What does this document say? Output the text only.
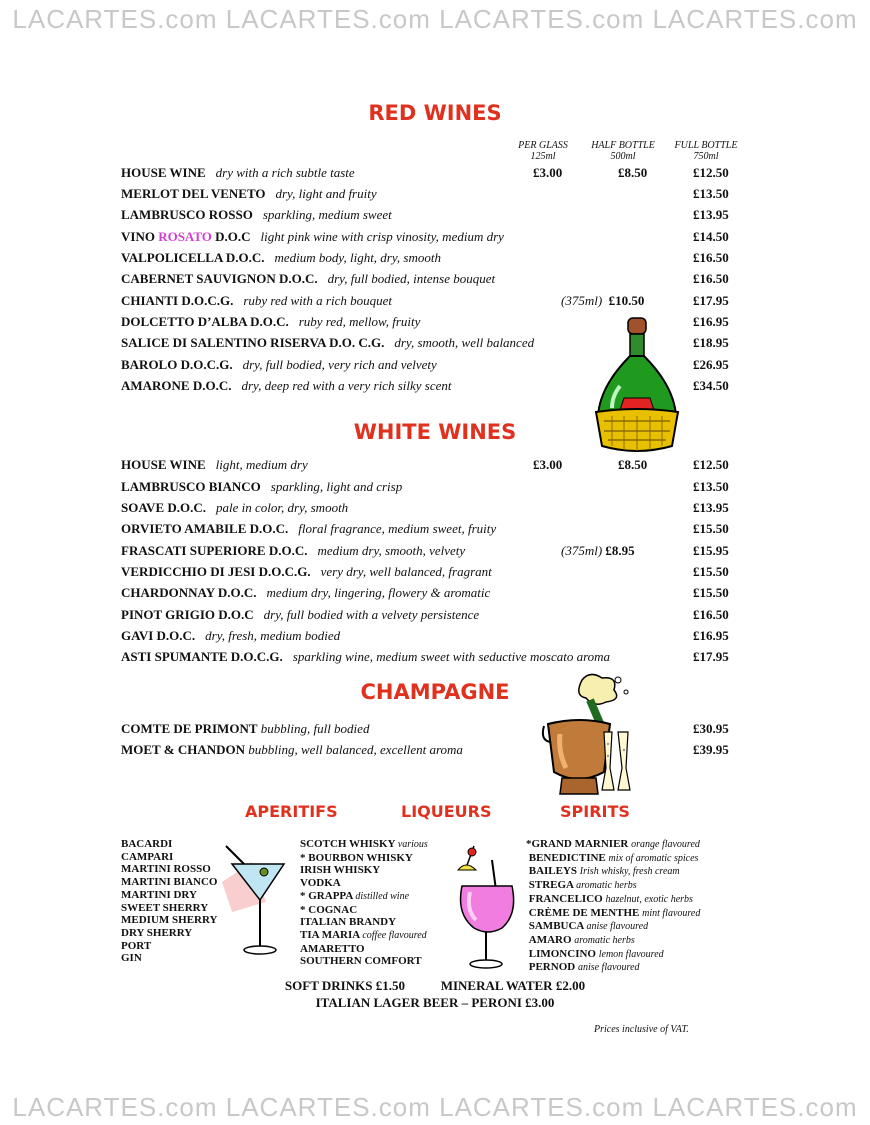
LACARTES.com LACARTES.com LACARTES.com LACARTES.com
LACARTES.com LACARTES.com LACARTES.com LACARTES.com
RED WINES
PER GLASS
125ml
HALF BOTTLE
500ml
FULL BOTTLE
750ml
HOUSE WINE dry with a rich subtle taste	£3.00	£8.50	£12.50
MERLOT DEL VENETO dry, light and fruity	£13.50
LAMBRUSCO ROSSO sparkling, medium sweet	£13.95
VINO ROSATO D.O.C light pink wine with crisp vinosity, medium dry	£14.50
VALPOLICELLA D.O.C. medium body, light, dry, smooth	£16.50
CABERNET SAUVIGNON D.O.C. dry, full bodied, intense bouquet	£16.50
CHIANTI D.O.C.G. ruby red with a rich bouquet	(375ml) £10.50	£17.95
DOLCETTO D’ALBA D.O.C. ruby red, mellow, fruity	£16.95
SALICE DI SALENTINO RISERVA D.O. C.G. dry, smooth, well balanced	£18.95
BAROLO D.O.C.G. dry, full bodied, very rich and velvety	£26.95
AMARONE D.O.C. dry, deep red with a very rich silky scent	£34.50
WHITE WINES
HOUSE WINE light, medium dry	£3.00	£8.50	£12.50
LAMBRUSCO BIANCO sparkling, light and crisp	£13.50
SOAVE D.O.C. pale in color, dry, smooth	£13.95
ORVIETO AMABILE D.O.C. floral fragrance, medium sweet, fruity	£15.50
FRASCATI SUPERIORE D.O.C. medium dry, smooth, velvety	(375ml) £8.95	£15.95
VERDICCHIO DI JESI D.O.C.G. very dry, well balanced, fragrant	£15.50
CHARDONNAY D.O.C. medium dry, lingering, flowery & aromatic	£15.50
PINOT GRIGIO D.O.C dry, full bodied with a velvety persistence	£16.50
GAVI D.O.C. dry, fresh, medium bodied	£16.95
ASTI SPUMANTE D.O.C.G. sparkling wine, medium sweet with seductive moscato aroma	£17.95
CHAMPAGNE
COMTE DE PRIMONT bubbling, full bodied	£30.95
MOET & CHANDON bubbling, well balanced, excellent aroma	£39.95
APERITIFS	LIQUEURS	SPIRITS
BACARDI
CAMPARI
MARTINI ROSSO
MARTINI BIANCO
MARTINI DRY
SWEET SHERRY
MEDIUM SHERRY
DRY SHERRY
PORT
GIN
SCOTCH WHISKY various
* BOURBON WHISKY
IRISH WHISKY
VODKA
* GRAPPA distilled wine
* COGNAC
ITALIAN BRANDY
TIA MARIA coffee flavoured
AMARETTO
SOUTHERN COMFORT
*GRAND MARNIER orange flavoured
BENEDICTINE mix of aromatic spices
BAILEYS Irish whisky, fresh cream
STREGA aromatic herbs
FRANCELICO hazelnut, exotic herbs
CRÈME DE MENTHE mint flavoured
SAMBUCA anise flavoured
AMARO aromatic herbs
LIMONCINO lemon flavoured
PERNOD anise flavoured
SOFT DRINKS £1.50	MINERAL WATER £2.00
ITALIAN LAGER BEER – PERONI £3.00
Prices inclusive of VAT.
